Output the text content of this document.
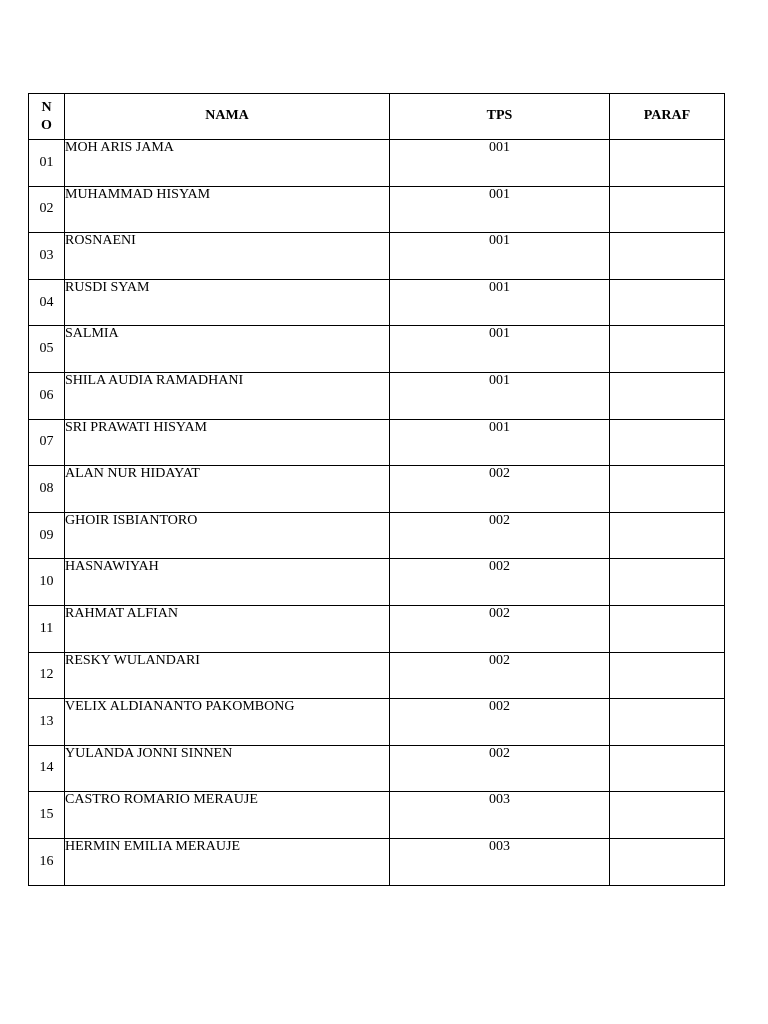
N
O	NAMA	TPS	PARAF
01	MOH ARIS JAMA	001	
02	MUHAMMAD HISYAM	001	
03	ROSNAENI	001	
04	RUSDI SYAM	001	
05	SALMIA	001	
06	SHILA AUDIA RAMADHANI	001	
07	SRI PRAWATI HISYAM	001	
08	ALAN NUR HIDAYAT	002	
09	GHOIR ISBIANTORO	002	
10	HASNAWIYAH	002	
11	RAHMAT ALFIAN	002	
12	RESKY WULANDARI	002	
13	VELIX ALDIANANTO PAKOMBONG	002	
14	YULANDA JONNI SINNEN	002	
15	CASTRO ROMARIO MERAUJE	003	
16	HERMIN EMILIA MERAUJE	003	
